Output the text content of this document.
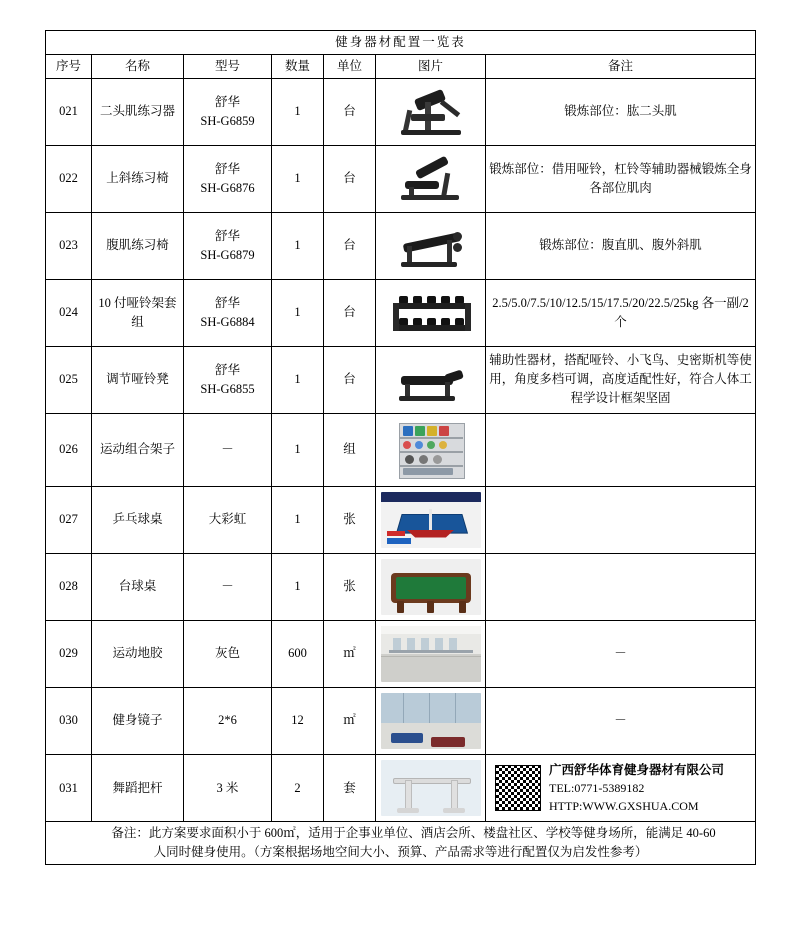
健身器材配置一览表						
序号	名称	型号	数量	单位	图片	备注
021	二头肌练习器	舒华
SH-G6859	1	台		锻炼部位：肱二头肌
022	上斜练习椅	舒华
SH-G6876	1	台		锻炼部位：借用哑铃，杠铃等辅助器械锻炼全身各部位肌肉
023	腹肌练习椅	舒华
SH-G6879	1	台		锻炼部位：腹直肌、腹外斜肌
024	10 付哑铃架套组	舒华
SH-G6884	1	台		2.5/5.0/7.5/10/12.5/15/17.5/20/22.5/25kg 各一副/2 个
025	调节哑铃凳	舒华
SH-G6855	1	台		辅助性器材，搭配哑铃、小飞鸟、史密斯机等使用，角度多档可调，高度适配性好，符合人体工程学设计框架坚固
026	运动组合架子	－	1	组	

027	乒乓球桌	大彩虹	1	张	

028	台球桌	－	1	张	

029	运动地胶	灰色	600	㎡		－
030	健身镜子	2*6	12	㎡		－
031	舞蹈把杆	3 米	2	套		广西舒华体育健身器材有限公司
TEL:0771-5389182
HTTP:WWW.GXSHUA.COM

备注：此方案要求面积小于 600㎡，适用于企事业单位、酒店会所、楼盘社区、学校等健身场所，能满足 40-60
人同时健身使用。（方案根据场地空间大小、预算、产品需求等进行配置仅为启发性参考）						
